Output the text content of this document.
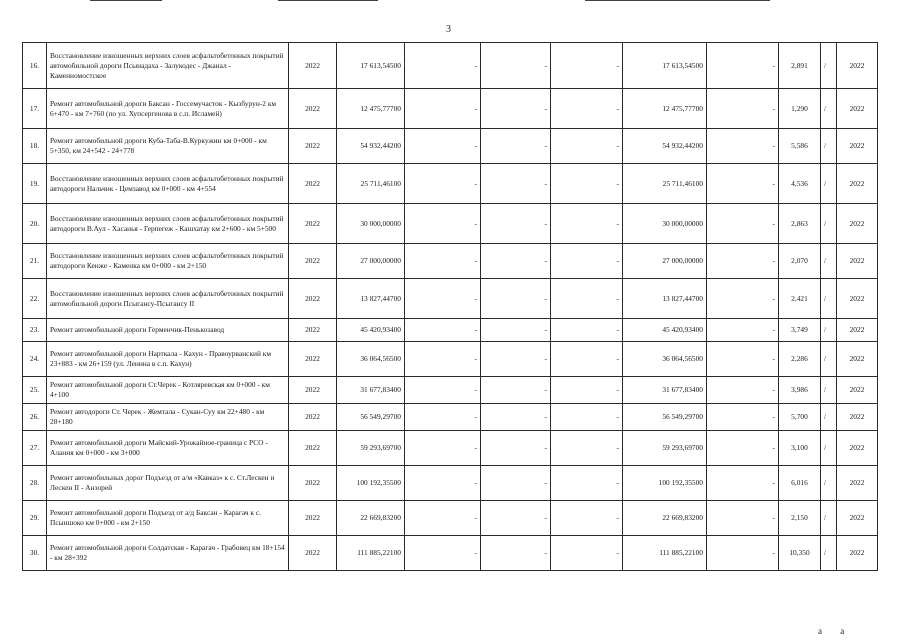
3
16.	Восстановление изношенных верхних слоев асфальтобетонных покрытий автомобильной дороги Псынадаха - Залукодес - Джанал - Каменномостское	2022	17 613,54500	-	-	-	17 613,54500	-	2,891	/	2022
17.	Ремонт автомобильной дороги Баксан - Госсемучасток - Кызбурун-2 км 6+470 - км 7+760 (по ул. Хупсергенова в с.п. Исламей)	2022	12 475,77700	-	-	-	12 475,77700	-	1,290	/	2022
18.	Ремонт автомобильной дороги Куба-Таба-В.Куркужин км 0+000 - км 5+350, км 24+542 - 24+778	2022	54 932,44200	-	-	-	54 932,44200	-	5,586	/	2022
19.	Восстановление изношенных верхних слоев асфальтобетонных покрытий автодороги Нальчик - Цемзавод км 0+000 - км 4+554	2022	25 711,46100	-	-	-	25 711,46100	-	4,536	/	2022
20.	Восстановление изношенных верхних слоев асфальтобетонных покрытий автодороги В.Аул - Хасанья - Герпегеж - Кашхатау км 2+600 - км 5+500	2022	30 000,00000	-	-	-	30 000,00000	-	2,863	/	2022
21.	Восстановление изношенных верхних слоев асфальтобетонных покрытий автодороги Кенже - Каменка км 0+000 - км 2+150	2022	27 000,00000	-	-	-	27 000,00000	-	2,070	/	2022
22.	Восстановление изношенных верхних слоев асфальтобетонных покрытий автомобильной дороги Псыгансу-Псыгансу II	2022	13 827,44700	-	-	-	13 827,44700	-	2,421	/	2022
23.	Ремонт автомобильной дороги Герменчик-Пенькозавод	2022	45 420,93400	-	-	-	45 420,93400	-	3,749	/	2022
24.	Ремонт автомобильной дороги Нарткала - Кахун - Правоурванский км 23+883 - км 26+159 (ул. Ленина в с.п. Кахун)	2022	36 064,56500	-	-	-	36 064,56500	-	2,286	/	2022
25.	Ремонт автомобильной дороги Ст.Черек - Котляревская км 0+000 - км 4+100	2022	31 677,83400	-	-	-	31 677,83400	-	3,986	/	2022
26.	Ремонт автодороги Ст. Черек - Жемтала - Сукан-Суу км 22+480 - км 28+180	2022	56 549,29700	-	-	-	56 549,29700	-	5,700	/	2022
27.	Ремонт автомобильной дороги Майский-Урожайное-граница с РСО - Алания км 0+000 - км 3+000	2022	59 293,69700	-	-	-	59 293,69700	-	3,100	/	2022
28.	Ремонт автомобильных дорог Подъезд от а/м «Кавказ» к с. Ст.Лескен и Лескен II - Анзорей	2022	100 192,35500	-	-	-	100 192,35500	-	6,016	/	2022
29.	Ремонт автомобильной дороги Подъезд от а/д Баксан - Карагач к с. Псыншоко км 0+000 - км 2+150	2022	22 669,83200	-	-	-	22 669,83200	-	2,150	/	2022
30.	Ремонт автомобильной дороги Солдатская - Карагач - Грабовец км 18+154 - км 28+392	2022	111 885,22100	-	-	-	111 885,22100	-	10,350	/	2022
a a
